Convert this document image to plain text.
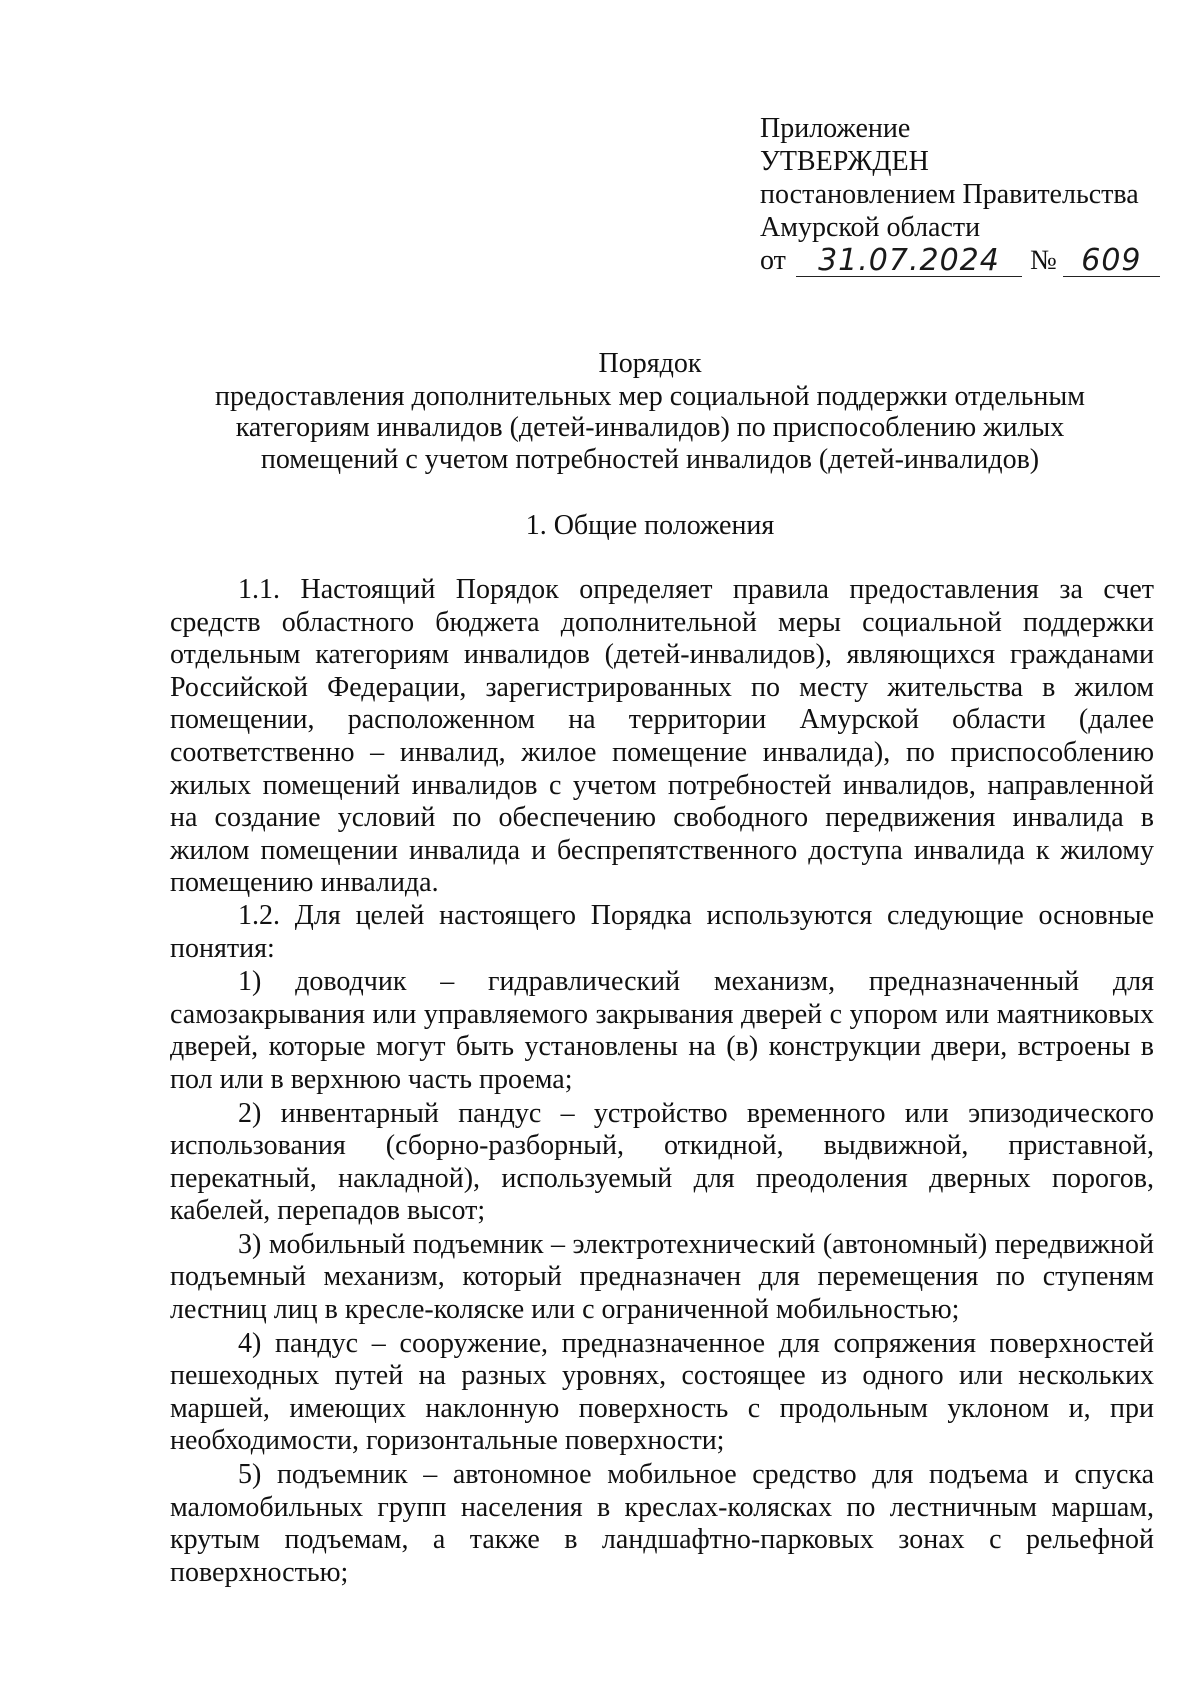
Приложение
УТВЕРЖДЕН
постановлением Правительства
Амурской области
от	31.07.2024	№ 609
Порядок
предоставления дополнительных мер социальной поддержки отдельным категориям инвалидов (детей-инвалидов) по приспособлению жилых помещений с учетом потребностей инвалидов (детей-инвалидов)
1. Общие положения

1.1. Настоящий Порядок определяет правила предоставления за счет средств областного бюджета дополнительной меры социальной поддержки отдельным категориям инвалидов (детей-инвалидов), являющихся гражданами Российской Федерации, зарегистрированных по месту жительства в жилом помещении, расположенном на территории Амурской области (далее соответственно – инвалид, жилое помещение инвалида), по приспособлению жилых помещений инвалидов с учетом потребностей инвалидов, направленной на создание условий по обеспечению свободного передвижения инвалида в жилом помещении инвалида и беспрепятственного доступа инвалида к жилому помещению инвалида.

1.2. Для целей настоящего Порядка используются следующие основные понятия:

1) доводчик – гидравлический механизм, предназначенный для самозакрывания или управляемого закрывания дверей с упором или маятниковых дверей, которые могут быть установлены на (в) конструкции двери, встроены в пол или в верхнюю часть проема;

2) инвентарный пандус – устройство временного или эпизодического использования (сборно-разборный, откидной, выдвижной, приставной, перекатный, накладной), используемый для преодоления дверных порогов, кабелей, перепадов высот;

3) мобильный подъемник – электротехнический (автономный) передвижной подъемный механизм, который предназначен для перемещения по ступеням лестниц лиц в кресле-коляске или с ограниченной мобильностью;

4) пандус – сооружение, предназначенное для сопряжения поверхностей пешеходных путей на разных уровнях, состоящее из одного или нескольких маршей, имеющих наклонную поверхность с продольным уклоном и, при необходимости, горизонтальные поверхности;

5) подъемник – автономное мобильное средство для подъема и спуска маломобильных групп населения в креслах-колясках по лестничным маршам, крутым подъемам, а также в ландшафтно-парковых зонах с рельефной поверхностью;
